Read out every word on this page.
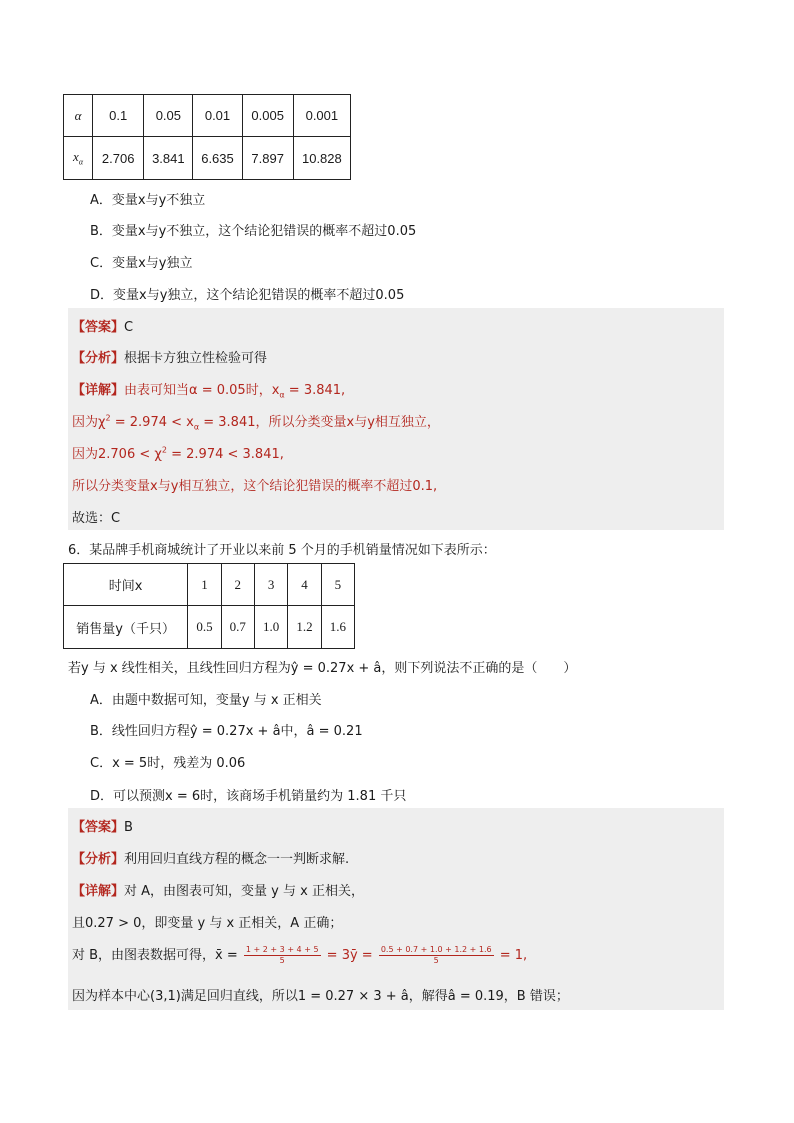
α	0.1	0.05	0.01	0.005	0.001
$x_\alpha$	2.706	3.841	6.635	7.897	10.828
A．变量x与y不独立
B．变量x与y不独立，这个结论犯错误的概率不超过0.05
C．变量x与y独立
D．变量x与y独立，这个结论犯错误的概率不超过0.05
【答案】C
【分析】根据卡方独立性检验可得
【详解】由表可知当α = 0.05时，$x_\alpha = 3.841$,
因为$\chi^2 = 2.974 < x_\alpha = 3.841$，所以分类变量x与y相互独立，
因为$2.706 < \chi^2 = 2.974 < 3.841$,
所以分类变量x与y相互独立，这个结论犯错误的概率不超过0.1,
故选：C
6．某品牌手机商城统计了开业以来前 5 个月的手机销量情况如下表所示：
时间x	1	2	3	4	5
销售量y（千只）	0.5	0.7	1.0	1.2	1.6
若y 与 x 线性相关，且线性回归方程为ŷ = 0.27x + â，则下列说法不正确的是（　　）
A．由题中数据可知，变量y 与 x 正相关
B．线性回归方程ŷ = 0.27x + â中，â = 0.21
C．x = 5时，残差为 0.06
D．可以预测x = 6时，该商场手机销量约为 1.81 千只
【答案】B
【分析】利用回归直线方程的概念一一判断求解.
【详解】对 A，由图表可知，变量 y 与 x 正相关，
且0.27 > 0，即变量 y 与 x 正相关，A 正确；
对 B，由图表数据可得，x̄ = $\frac{1 + 2 + 3 + 4 + 5}{5}$ = 3ȳ = $\frac{0.5 + 0.7 + 1.0 + 1.2 + 1.6}{5} = 1$,
因为样本中心(3,1)满足回归直线，所以1 = 0.27 × 3 + â，解得â = 0.19，B 错误；
